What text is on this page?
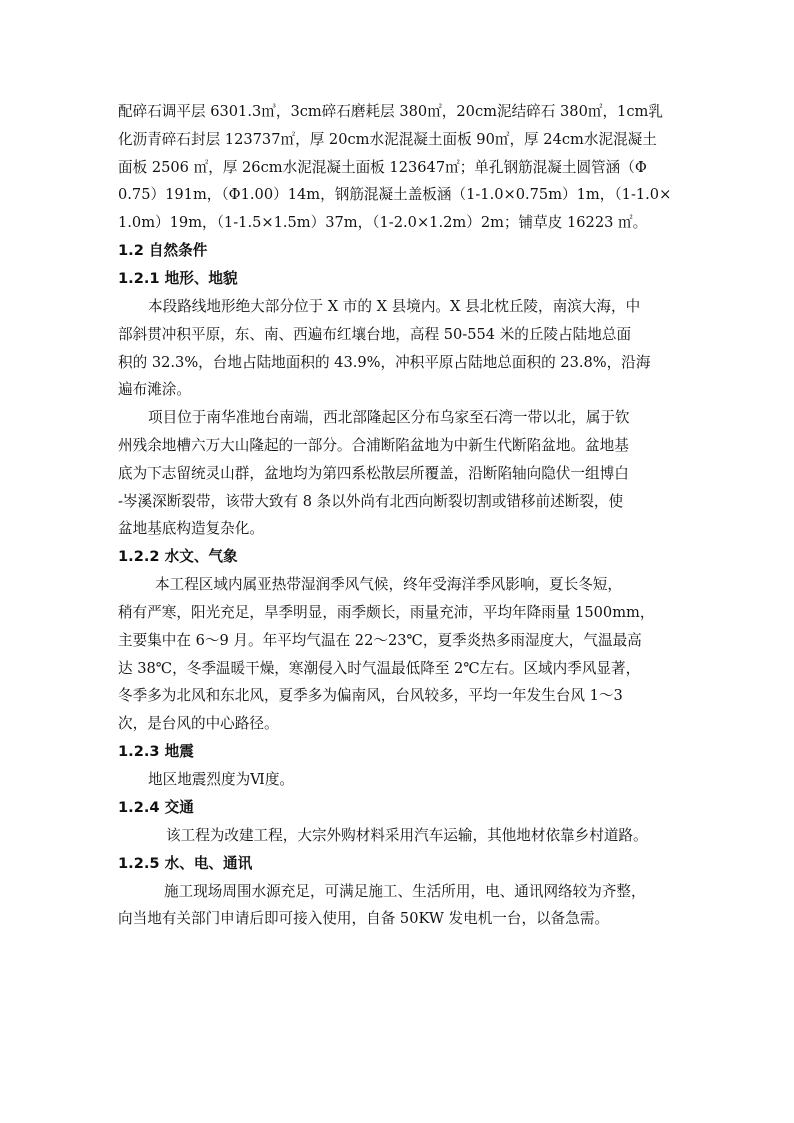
配碎石调平层 6301.3㎥，3cm碎石磨耗层 380㎡，20cm泥结碎石 380㎡，1cm乳

化沥青碎石封层 123737㎡，厚 20cm水泥混凝土面板 90㎡，厚 24cm水泥混凝土

面板 2506 ㎡，厚 26cm水泥混凝土面板 123647㎡；单孔钢筋混凝土圆管涵（Φ

0.75）191m，（Φ1.00）14m，钢筋混凝土盖板涵（1-1.0×0.75m）1m，（1-1.0×

1.0m）19m，（1-1.5×1.5m）37m，（1-2.0×1.2m）2m；铺草皮 16223 ㎡。

1.2 自然条件

1.2.1 地形、地貌

本段路线地形绝大部分位于 X 市的 X 县境内。X 县北枕丘陵，南滨大海，中

部斜贯冲积平原，东、南、西遍布红壤台地，高程 50-554 米的丘陵占陆地总面

积的 32.3%，台地占陆地面积的 43.9%，冲积平原占陆地总面积的 23.8%，沿海

遍布滩涂。

项目位于南华准地台南端，西北部隆起区分布乌家至石湾一带以北，属于钦

州残余地槽六万大山隆起的一部分。合浦断陷盆地为中新生代断陷盆地。盆地基

底为下志留统灵山群，盆地均为第四系松散层所覆盖，沿断陷轴向隐伏一组博白

-岑溪深断裂带，该带大致有 8 条以外尚有北西向断裂切割或错移前述断裂，使

盆地基底构造复杂化。

1.2.2 水文、气象

本工程区域内属亚热带湿润季风气候，终年受海洋季风影响，夏长冬短，

稍有严寒，阳光充足，旱季明显，雨季颇长，雨量充沛，平均年降雨量 1500mm，

主要集中在 6～9 月。年平均气温在 22～23℃，夏季炎热多雨湿度大，气温最高

达 38℃，冬季温暖干燥，寒潮侵入时气温最低降至 2℃左右。区域内季风显著，

冬季多为北风和东北风，夏季多为偏南风，台风较多，平均一年发生台风 1～3

次，是台风的中心路径。

1.2.3 地震

地区地震烈度为Ⅵ度。

1.2.4 交通

该工程为改建工程，大宗外购材料采用汽车运输，其他地材依靠乡村道路。

1.2.5 水、电、通讯

施工现场周围水源充足，可满足施工、生活所用，电、通讯网络较为齐整，

向当地有关部门申请后即可接入使用，自备 50KW 发电机一台，以备急需。
